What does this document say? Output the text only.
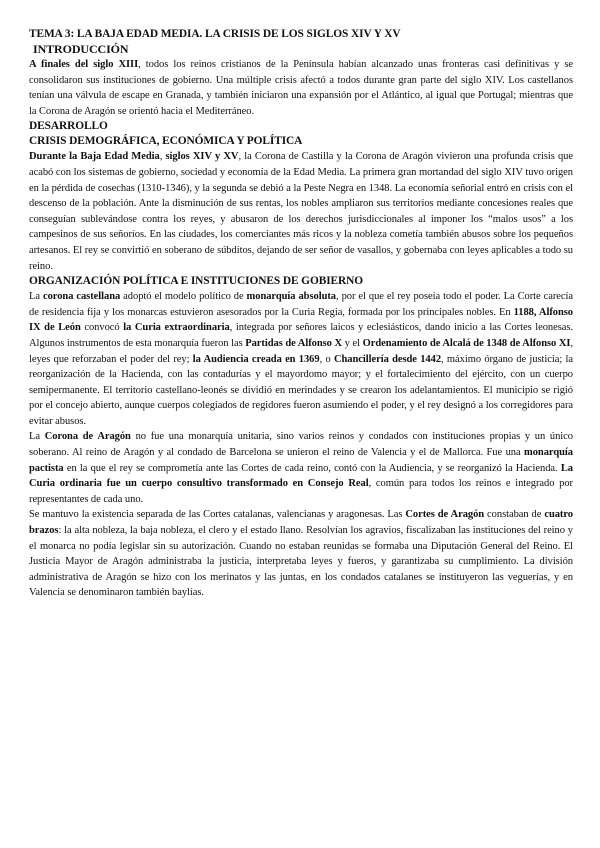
TEMA 3: LA BAJA EDAD MEDIA. LA CRISIS DE LOS SIGLOS XIV Y XV
INTRODUCCIÓN

A finales del siglo XIII, todos los reinos cristianos de la Península habían alcanzado unas fronteras casi definitivas y se consolidaron sus instituciones de gobierno. Una múltiple crisis afectó a todos durante gran parte del siglo XIV. Los castellanos tenían una válvula de escape en Granada, y también iniciaron una expansión por el Atlántico, al igual que Portugal; mientras que la Corona de Aragón se orientó hacia el Mediterráneo.

DESARROLLO
CRISIS DEMOGRÁFICA, ECONÓMICA Y POLÍTICA

Durante la Baja Edad Media, siglos XIV y XV, la Corona de Castilla y la Corona de Aragón vivieron una profunda crisis que acabó con los sistemas de gobierno, sociedad y economía de la Edad Media. La primera gran mortandad del siglo XIV tuvo origen en la pérdida de cosechas (1310-1346), y la segunda se debió a la Peste Negra en 1348. La economía señorial entró en crisis con el descenso de la población. Ante la disminución de sus rentas, los nobles ampliaron sus territorios mediante concesiones reales que conseguían sublevándose contra los reyes, y abusaron de los derechos jurisdiccionales al imponer los “malos usos” a los campesinos de sus señoríos. En las ciudades, los comerciantes más ricos y la nobleza cometía también abusos sobre los pequeños artesanos. El rey se convirtió en soberano de súbditos, dejando de ser señor de vasallos, y gobernaba con leyes aplicables a todo su reino.

ORGANIZACIÓN POLÍTICA E INSTITUCIONES DE GOBIERNO

La corona castellana adoptó el modelo político de monarquía absoluta, por el que el rey poseía todo el poder. La Corte carecía de residencia fija y los monarcas estuvieron asesorados por la Curia Regia, formada por los principales nobles. En 1188, Alfonso IX de León convocó la Curia extraordinaria, integrada por señores laicos y eclesiásticos, dando inicio a las Cortes leonesas. Algunos instrumentos de esta monarquía fueron las Partidas de Alfonso X y el Ordenamiento de Alcalá de 1348 de Alfonso XI, leyes que reforzaban el poder del rey; la Audiencia creada en 1369, o Chancillería desde 1442, máximo órgano de justicia; la reorganización de la Hacienda, con las contadurías y el mayordomo mayor; y el fortalecimiento del ejército, con un cuerpo semipermanente. El territorio castellano-leonés se dividió en merindades y se crearon los adelantamientos. El municipio se rigió por el concejo abierto, aunque cuerpos colegiados de regidores fueron asumiendo el poder, y el rey designó a los corregidores para evitar abusos.

La Corona de Aragón no fue una monarquía unitaria, sino varios reinos y condados con instituciones propias y un único soberano. Al reino de Aragón y al condado de Barcelona se unieron el reino de Valencia y el de Mallorca. Fue una monarquía pactista en la que el rey se comprometía ante las Cortes de cada reino, contó con la Audiencia, y se reorganizó la Hacienda. La Curia ordinaria fue un cuerpo consultivo transformado en Consejo Real, común para todos los reinos e integrado por representantes de cada uno.

Se mantuvo la existencia separada de las Cortes catalanas, valencianas y aragonesas. Las Cortes de Aragón constaban de cuatro brazos: la alta nobleza, la baja nobleza, el clero y el estado llano. Resolvían los agravios, fiscalizaban las instituciones del reino y el monarca no podía legislar sin su autorización. Cuando no estaban reunidas se formaba una Diputación General del Reino. El Justicia Mayor de Aragón administraba la justicia, interpretaba leyes y fueros, y garantizaba su cumplimiento. La división administrativa de Aragón se hizo con los merinatos y las juntas, en los condados catalanes se instituyeron las veguerías, y en Valencia se denominaron también baylías.
